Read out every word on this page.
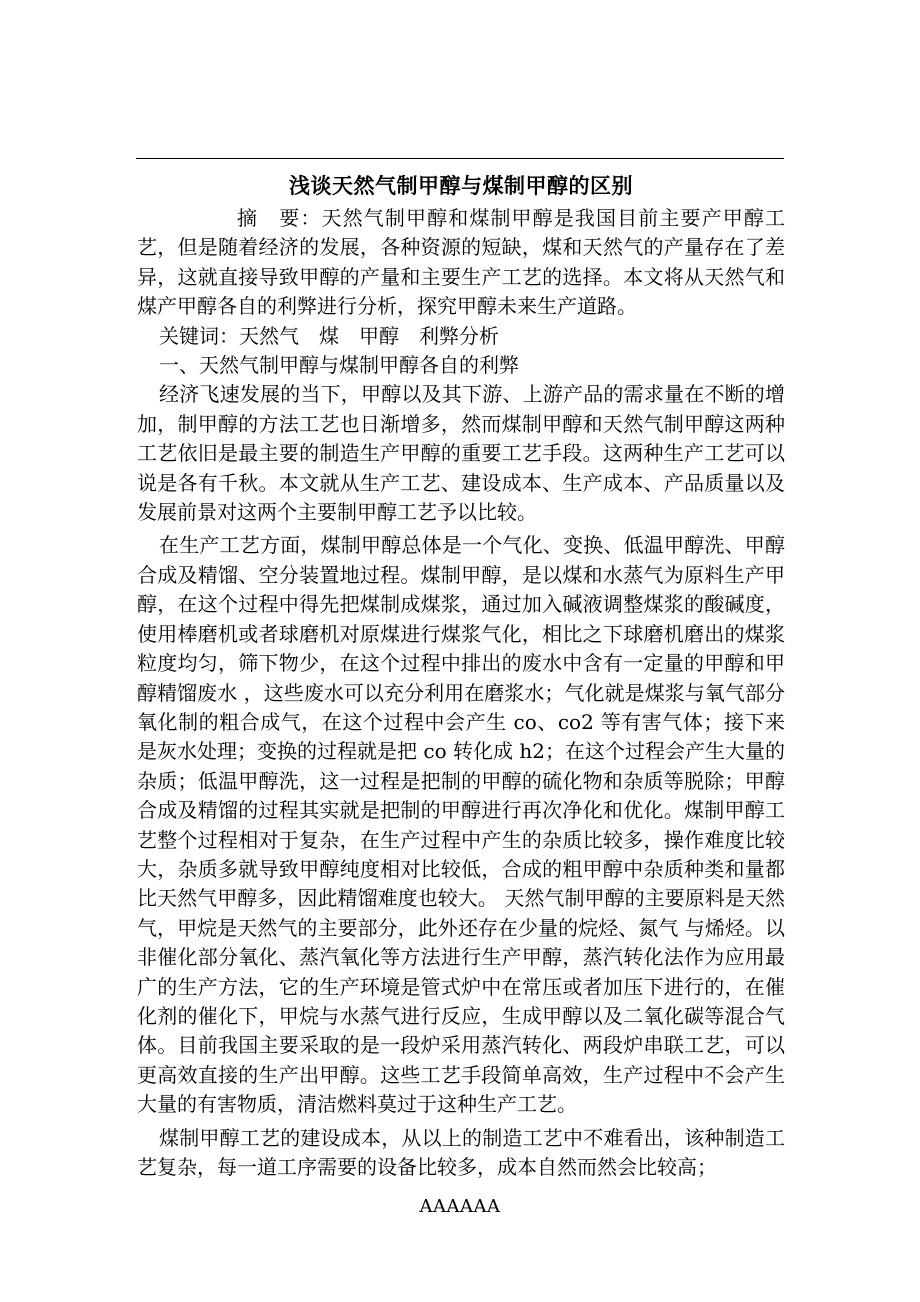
浅谈天然气制甲醇与煤制甲醇的区别

摘　要：天然气制甲醇和煤制甲醇是我国目前主要产甲醇工艺，但是随着经济的发展，各种资源的短缺，煤和天然气的产量存在了差异，这就直接导致甲醇的产量和主要生产工艺的选择。本文将从天然气和煤产甲醇各自的利弊进行分析，探究甲醇未来生产道路。

关键词：天然气　煤　甲醇　利弊分析

一、天然气制甲醇与煤制甲醇各自的利弊

经济飞速发展的当下，甲醇以及其下游、上游产品的需求量在不断的增加，制甲醇的方法工艺也日渐增多，然而煤制甲醇和天然气制甲醇这两种工艺依旧是最主要的制造生产甲醇的重要工艺手段。这两种生产工艺可以说是各有千秋。本文就从生产工艺、建设成本、生产成本、产品质量以及发展前景对这两个主要制甲醇工艺予以比较。

在生产工艺方面，煤制甲醇总体是一个气化、变换、低温甲醇洗、甲醇合成及精馏、空分装置地过程。煤制甲醇，是以煤和水蒸气为原料生产甲醇，在这个过程中得先把煤制成煤浆，通过加入碱液调整煤浆的酸碱度，使用棒磨机或者球磨机对原煤进行煤浆气化，相比之下球磨机磨出的煤浆粒度均匀，筛下物少，在这个过程中排出的废水中含有一定量的甲醇和甲醇精馏废水 ，这些废水可以充分利用在磨浆水；气化就是煤浆与氧气部分氧化制的粗合成气，在这个过程中会产生 co、co2 等有害气体；接下来是灰水处理；变换的过程就是把 co 转化成 h2；在这个过程会产生大量的杂质；低温甲醇洗，这一过程是把制的甲醇的硫化物和杂质等脱除；甲醇合成及精馏的过程其实就是把制的甲醇进行再次净化和优化。煤制甲醇工艺整个过程相对于复杂，在生产过程中产生的杂质比较多，操作难度比较大，杂质多就导致甲醇纯度相对比较低，合成的粗甲醇中杂质种类和量都比天然气甲醇多，因此精馏难度也较大。 天然气制甲醇的主要原料是天然气，甲烷是天然气的主要部分，此外还存在少量的烷烃、氮气 与烯烃。以非催化部分氧化、蒸汽氧化等方法进行生产甲醇，蒸汽转化法作为应用最广的生产方法，它的生产环境是管式炉中在常压或者加压下进行的，在催化剂的催化下，甲烷与水蒸气进行反应，生成甲醇以及二氧化碳等混合气体。目前我国主要采取的是一段炉采用蒸汽转化、两段炉串联工艺，可以更高效直接的生产出甲醇。这些工艺手段简单高效，生产过程中不会产生大量的有害物质，清洁燃料莫过于这种生产工艺。

煤制甲醇工艺的建设成本，从以上的制造工艺中不难看出，该种制造工艺复杂，每一道工序需要的设备比较多，成本自然而然会比较高；

AAAAAA
